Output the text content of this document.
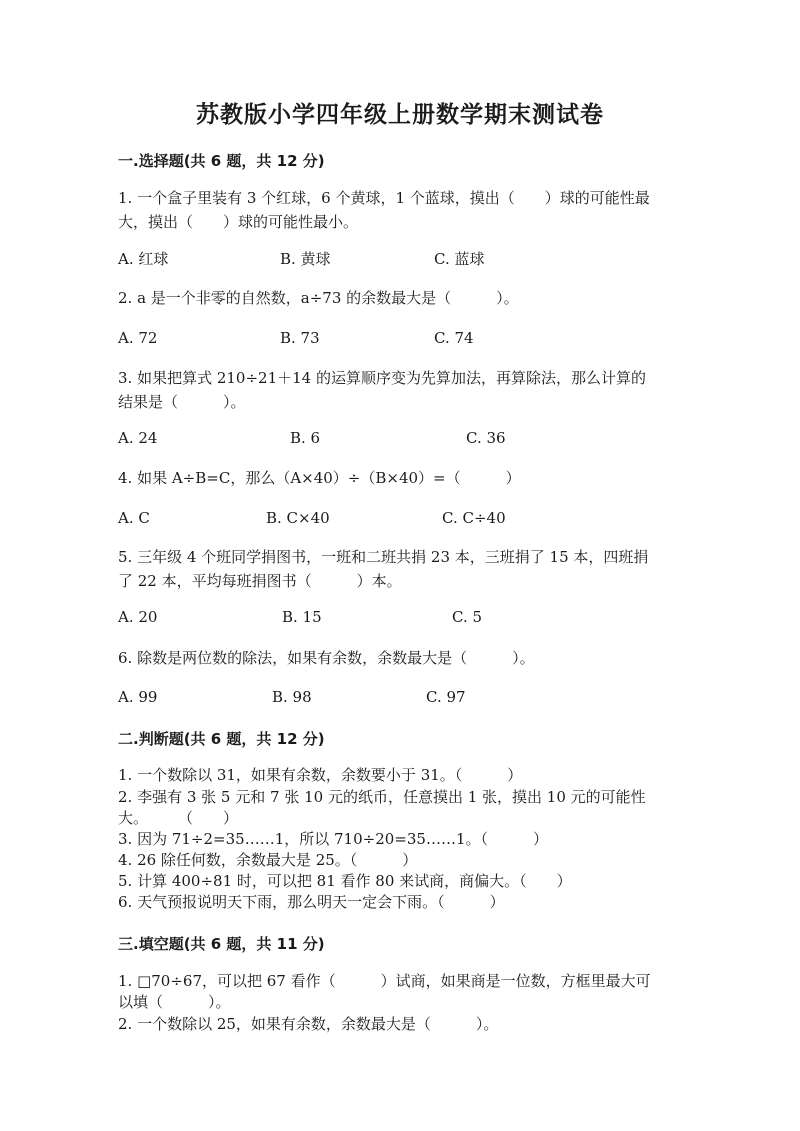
苏教版小学四年级上册数学期末测试卷
一.选择题(共 6 题，共 12 分)
1. 一个盒子里装有 3 个红球，6 个黄球，1 个蓝球，摸出（　　）球的可能性最
大，摸出（　　）球的可能性最小。
A. 红球	B. 黄球	C. 蓝球
2. a 是一个非零的自然数，a÷73 的余数最大是（　　　）。
A. 72	B. 73	C. 74
3. 如果把算式 210÷21＋14 的运算顺序变为先算加法，再算除法，那么计算的
结果是（　　　）。
A. 24	B. 6	C. 36
4. 如果 A÷B=C，那么（A×40）÷（B×40）=（　　　）
A. C	B. C×40	C. C÷40
5. 三年级 4 个班同学捐图书，一班和二班共捐 23 本，三班捐了 15 本，四班捐
了 22 本，平均每班捐图书（　　　）本。
A. 20	B. 15	C. 5
6. 除数是两位数的除法，如果有余数，余数最大是（　　　）。
A. 99	B. 98	C. 97
二.判断题(共 6 题，共 12 分)
1. 一个数除以 31，如果有余数，余数要小于 31。（　　　）
2. 李强有 3 张 5 元和 7 张 10 元的纸币，任意摸出 1 张，摸出 10 元的可能性
大。　　　（　　）
3. 因为 71÷2=35……1，所以 710÷20=35……1。（　　　）
4. 26 除任何数，余数最大是 25。（　　　）
5. 计算 400÷81 时，可以把 81 看作 80 来试商，商偏大。（　　）
6. 天气预报说明天下雨，那么明天一定会下雨。（　　　）
三.填空题(共 6 题，共 11 分)
1. □70÷67，可以把 67 看作（　　　）试商，如果商是一位数，方框里最大可
以填（　　　）。
2. 一个数除以 25，如果有余数，余数最大是（　　　）。
